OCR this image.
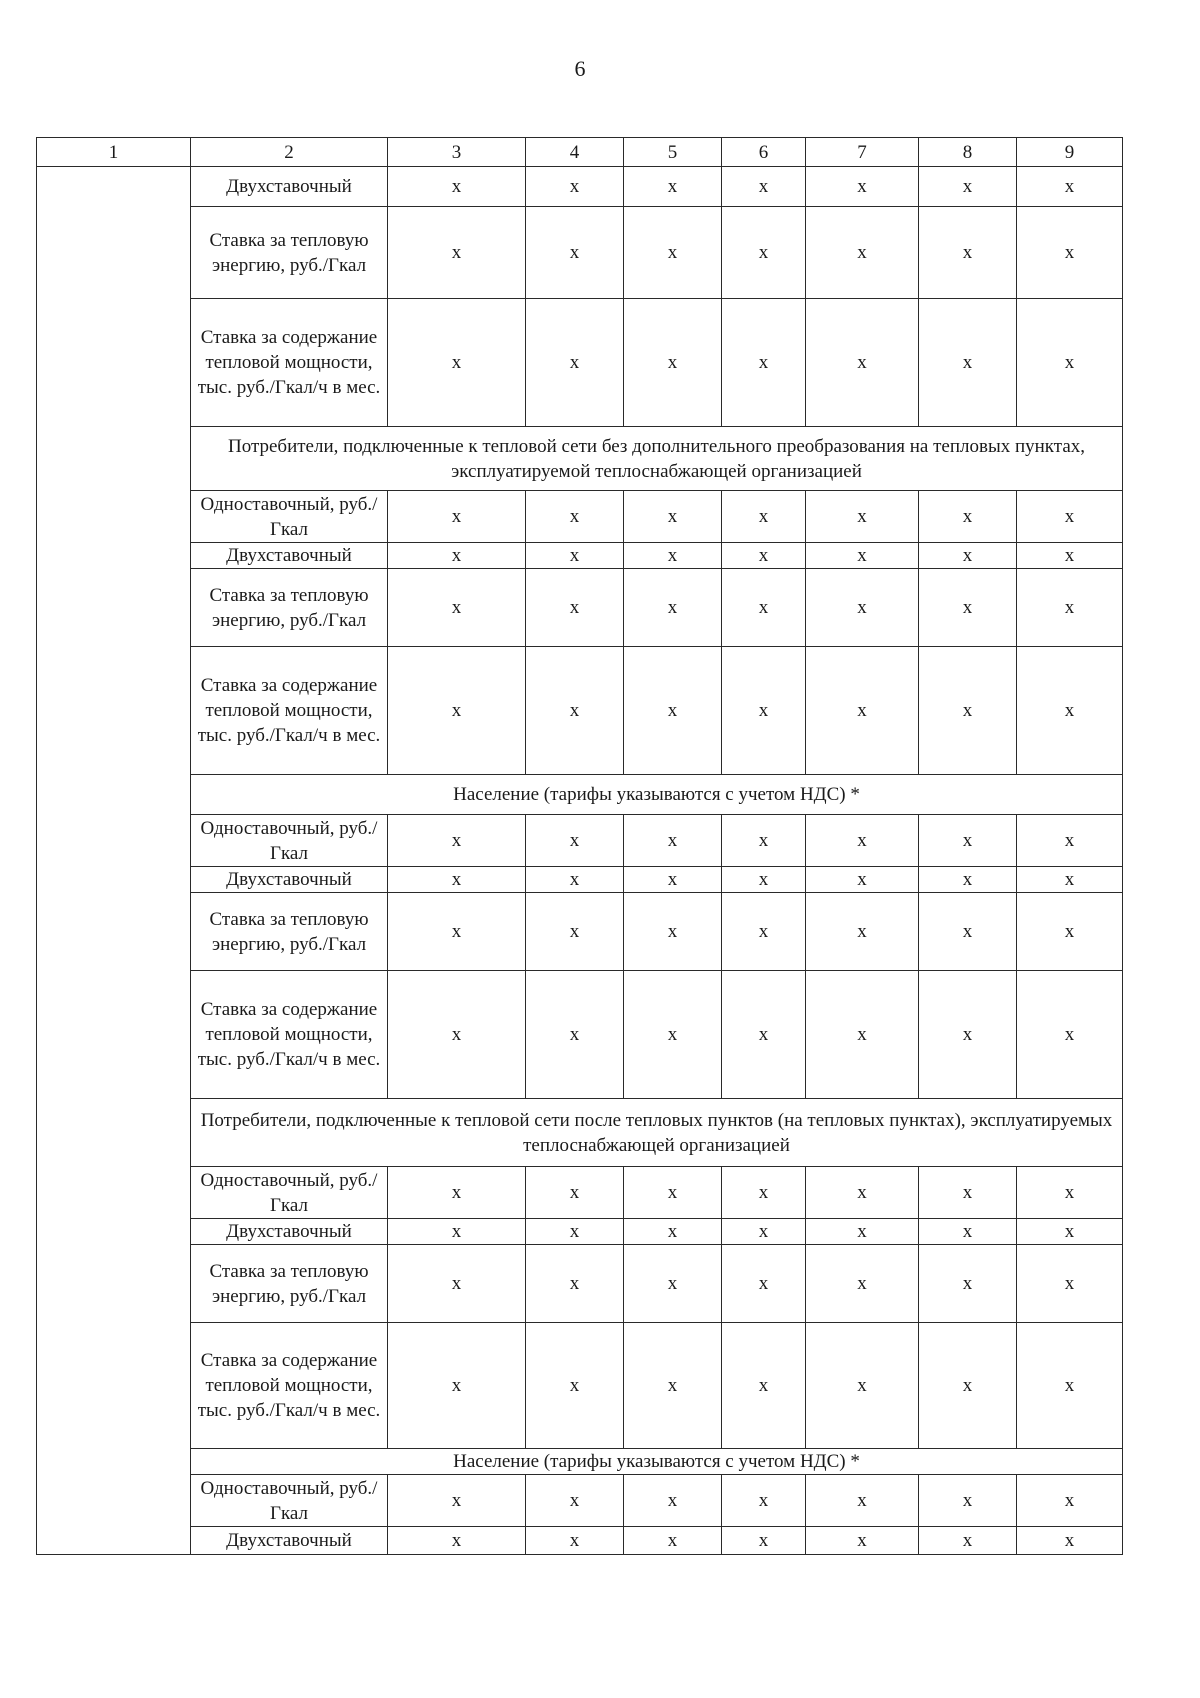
6
1	2	3	4	5	6	7	8	9
	Двухставочный	x	x	x	x	x	x	x
	Ставка за тепловую энергию, руб./Гкал	x	x	x	x	x	x	x
	Ставка за содержание тепловой мощности, тыс. руб./Гкал/ч в мес.	x	x	x	x	x	x	x
	Потребители, подключенные к тепловой сети без дополнительного преобразования на тепловых пунктах, эксплуатируемой теплоснабжающей организацией							
	Одноставочный, руб./Гкал	x	x	x	x	x	x	x
	Двухставочный	x	x	x	x	x	x	x
	Ставка за тепловую энергию, руб./Гкал	x	x	x	x	x	x	x
	Ставка за содержание тепловой мощности, тыс. руб./Гкал/ч в мес.	x	x	x	x	x	x	x
	Население (тарифы указываются с учетом НДС) *							
	Одноставочный, руб./Гкал	x	x	x	x	x	x	x
	Двухставочный	x	x	x	x	x	x	x
	Ставка за тепловую энергию, руб./Гкал	x	x	x	x	x	x	x
	Ставка за содержание тепловой мощности, тыс. руб./Гкал/ч в мес.	x	x	x	x	x	x	x
	Потребители, подключенные к тепловой сети после тепловых пунктов (на тепловых пунктах), эксплуатируемых теплоснабжающей организацией							
	Одноставочный, руб./Гкал	x	x	x	x	x	x	x
	Двухставочный	x	x	x	x	x	x	x
	Ставка за тепловую энергию, руб./Гкал	x	x	x	x	x	x	x
	Ставка за содержание тепловой мощности, тыс. руб./Гкал/ч в мес.	x	x	x	x	x	x	x
	Население (тарифы указываются с учетом НДС) *							
	Одноставочный, руб./Гкал	x	x	x	x	x	x	x
	Двухставочный	x	x	x	x	x	x	x
